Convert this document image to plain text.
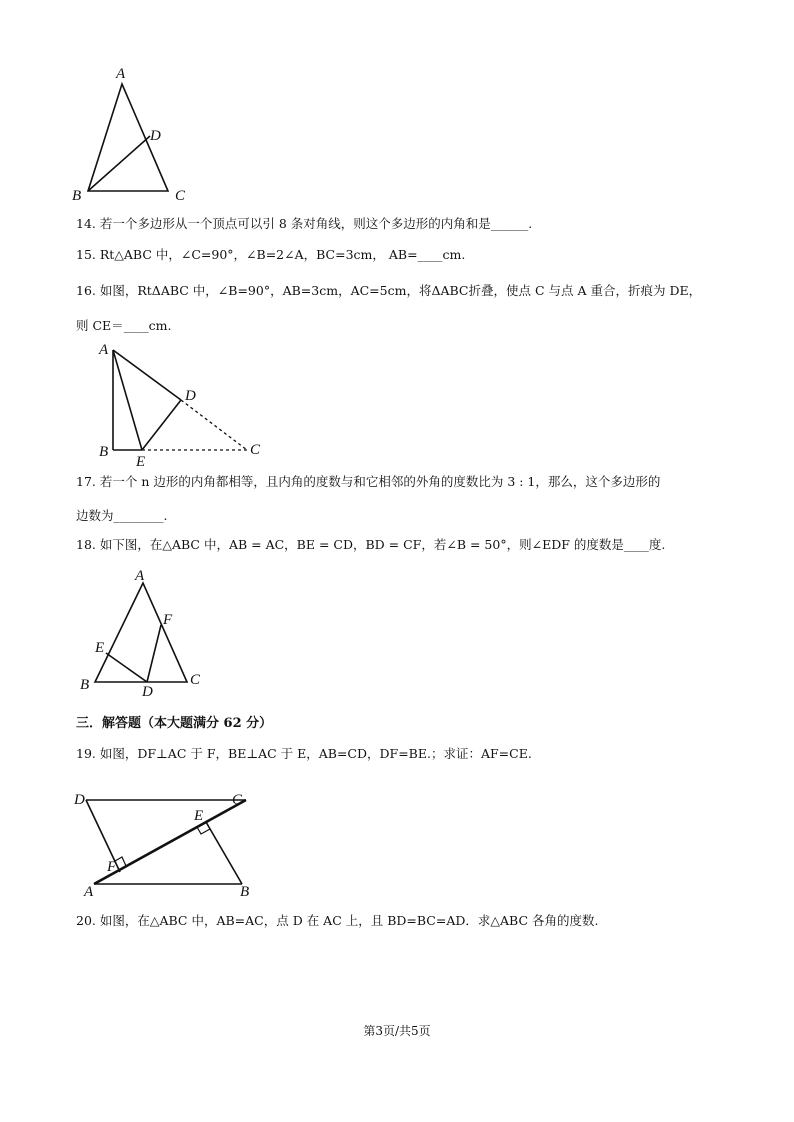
A
D
B	C
14. 若一个多边形从一个顶点可以引 8 条对角线，则这个多边形的内角和是______.
15. Rt△ABC 中，∠C=90°，∠B=2∠A，BC=3cm， AB=____cm.
16. 如图，RtΔABC 中，∠B=90°，AB=3cm，AC=5cm，将ΔABC折叠，使点 C 与点 A 重合，折痕为 DE，
则 CE＝____cm.
A
D
B
E
C
17. 若一个 n 边形的内角都相等，且内角的度数与和它相邻的外角的度数比为 3 : 1，那么，这个多边形的
边数为________.
18. 如下图，在△ABC 中，AB = AC，BE = CD，BD = CF，若∠B = 50°，则∠EDF 的度数是____度.
A
F
E
B	D
C
三．解答题（本大题满分 62 分）
19. 如图，DF⊥AC 于 F，BE⊥AC 于 E，AB=CD，DF=BE.；求证：AF=CE.
D	C
E
F
A	B
20. 如图，在△ABC 中，AB=AC，点 D 在 AC 上，且 BD=BC=AD．求△ABC 各角的度数.
第3页/共5页
